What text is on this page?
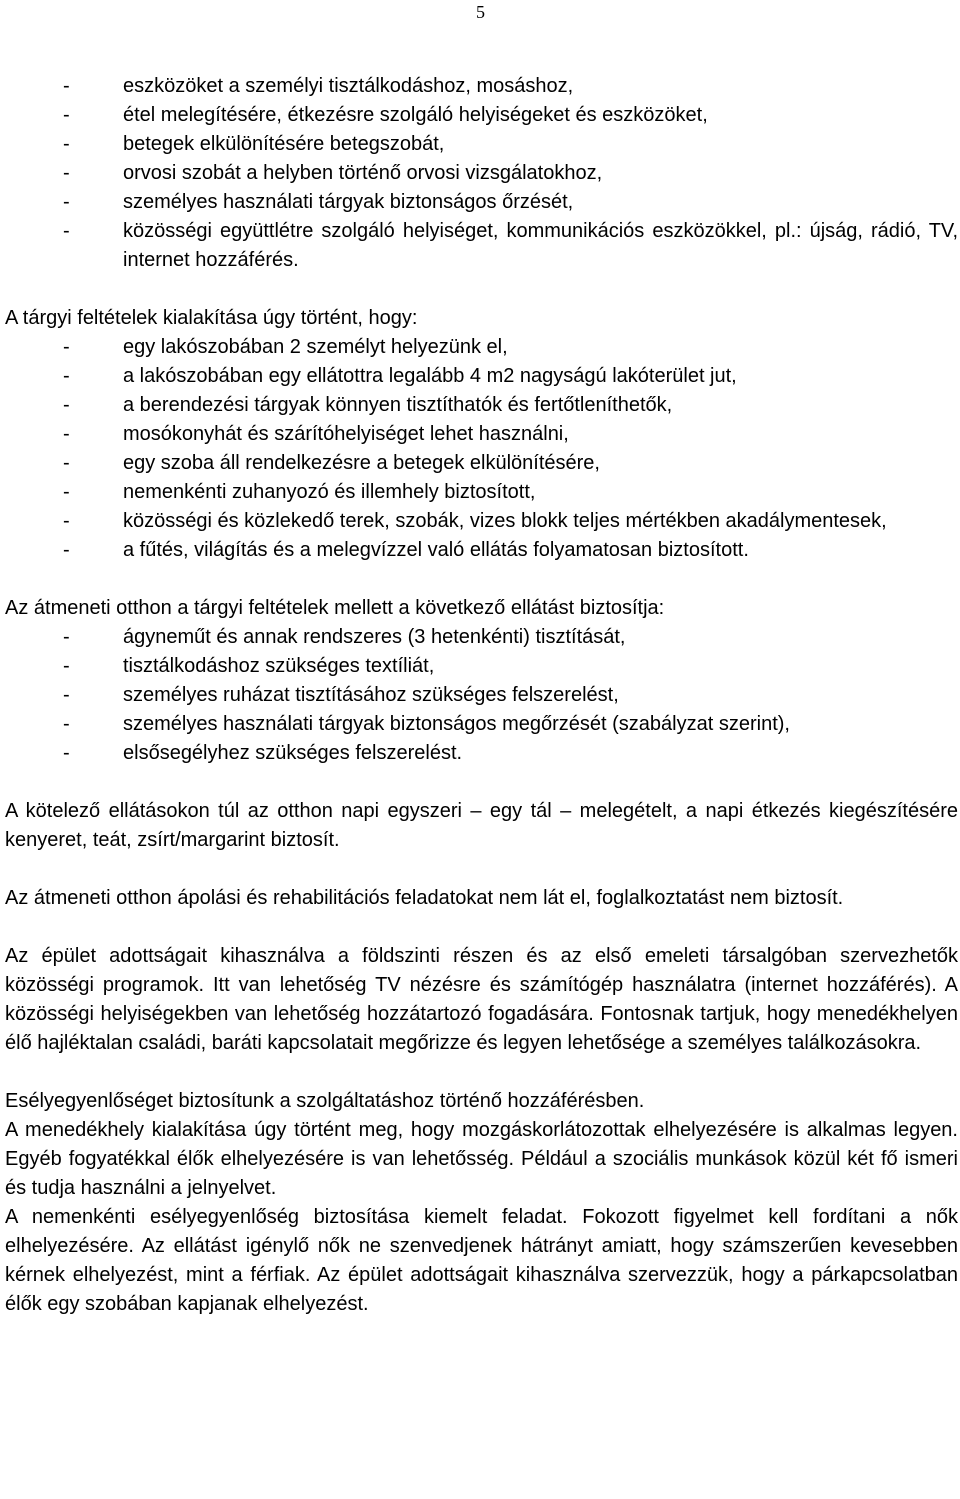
5
-	eszközöket a személyi tisztálkodáshoz, mosáshoz,
-	étel melegítésére, étkezésre szolgáló helyiségeket és eszközöket,
-	betegek elkülönítésére betegszobát,
-	orvosi szobát a helyben történő orvosi vizsgálatokhoz,
-	személyes használati tárgyak biztonságos őrzését,
-	közösségi együttlétre szolgáló helyiséget, kommunikációs eszközökkel, pl.: újság, rádió, TV, internet hozzáférés.

A tárgyi feltételek kialakítása úgy történt, hogy:

-	egy lakószobában 2 személyt helyezünk el,
-	a lakószobában egy ellátottra legalább 4 m2 nagyságú lakóterület jut,
-	a berendezési tárgyak könnyen tisztíthatók és fertőtleníthetők,
-	mosókonyhát és szárítóhelyiséget lehet használni,
-	egy szoba áll rendelkezésre a betegek elkülönítésére,
-	nemenkénti zuhanyozó és illemhely biztosított,
-	közösségi és közlekedő terek, szobák, vizes blokk teljes mértékben akadálymentesek,
-	a fűtés, világítás és a melegvízzel való ellátás folyamatosan biztosított.

Az átmeneti otthon a tárgyi feltételek mellett a következő ellátást biztosítja:

-	ágyneműt és annak rendszeres (3 hetenkénti) tisztítását,
-	tisztálkodáshoz szükséges textíliát,
-	személyes ruházat tisztításához szükséges felszerelést,
-	személyes használati tárgyak biztonságos megőrzését (szabályzat szerint),
-	elsősegélyhez szükséges felszerelést.

A kötelező ellátásokon túl az otthon napi egyszeri – egy tál – melegételt, a napi étkezés kiegészítésére kenyeret, teát, zsírt/margarint biztosít.

Az átmeneti otthon ápolási és rehabilitációs feladatokat nem lát el, foglalkoztatást nem biztosít.

Az épület adottságait kihasználva a földszinti részen és az első emeleti társalgóban szervezhetők közösségi programok. Itt van lehetőség TV nézésre és számítógép használatra (internet hozzáférés). A közösségi helyiségekben van lehetőség hozzátartozó fogadására. Fontosnak tartjuk, hogy menedékhelyen élő hajléktalan családi, baráti kapcsolatait megőrizze és legyen lehetősége a személyes találkozásokra.

Esélyegyenlőséget biztosítunk a szolgáltatáshoz történő hozzáférésben.

A menedékhely kialakítása úgy történt meg, hogy mozgáskorlátozottak elhelyezésére is alkalmas legyen. Egyéb fogyatékkal élők elhelyezésére is van lehetősség. Például a szociális munkások közül két fő ismeri és tudja használni a jelnyelvet.

A nemenkénti esélyegyenlőség biztosítása kiemelt feladat. Fokozott figyelmet kell fordítani a nők elhelyezésére. Az ellátást igénylő nők ne szenvedjenek hátrányt amiatt, hogy számszerűen kevesebben kérnek elhelyezést, mint a férfiak. Az épület adottságait kihasználva szervezzük, hogy a párkapcsolatban élők egy szobában kapjanak elhelyezést.
